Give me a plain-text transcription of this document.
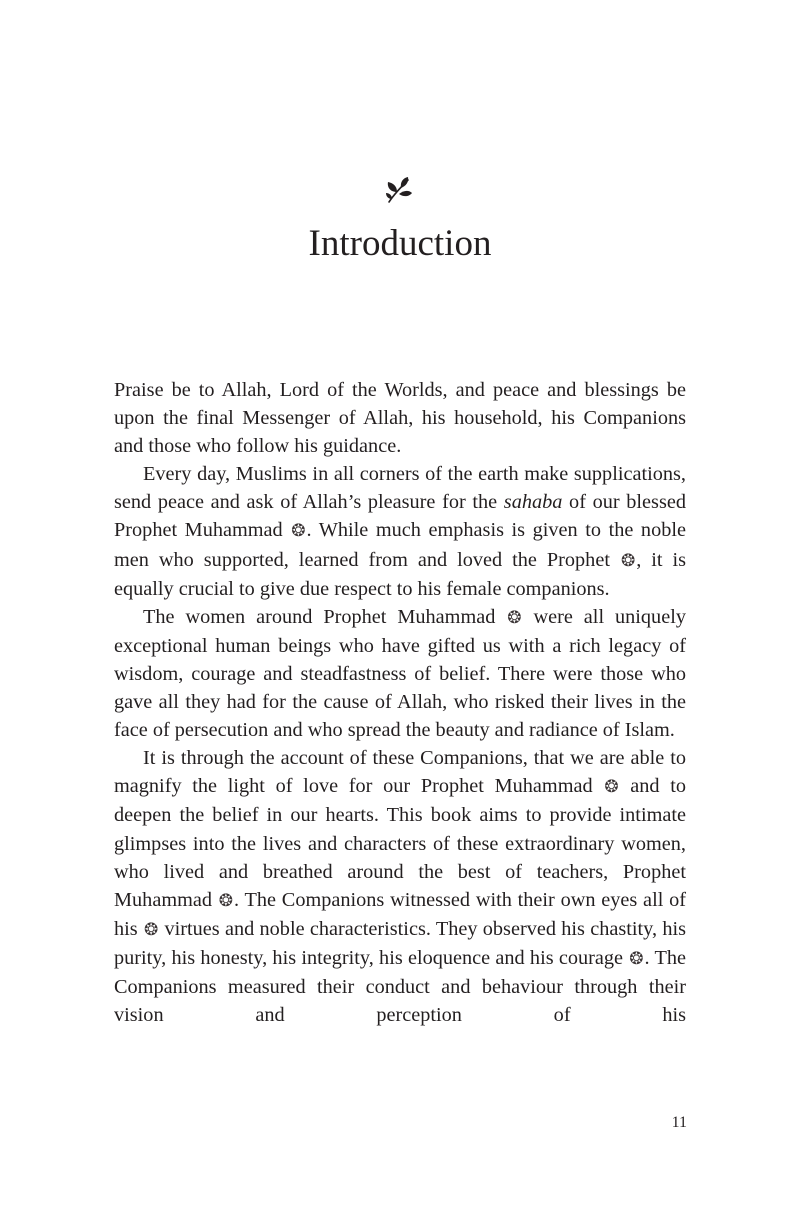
Introduction

Praise be to Allah, Lord of the Worlds, and peace and blessings be upon the final Messenger of Allah, his household, his Companions and those who follow his guidance.

Every day, Muslims in all corners of the earth make supplications, send peace and ask of Allah’s pleasure for the sahaba of our blessed Prophet Muhammad ❂. While much emphasis is given to the noble men who supported, learned from and loved the Prophet ❂, it is equally crucial to give due respect to his female companions.

The women around Prophet Muhammad ❂ were all uniquely exceptional human beings who have gifted us with a rich legacy of wisdom, courage and steadfastness of belief. There were those who gave all they had for the cause of Allah, who risked their lives in the face of persecution and who spread the beauty and radiance of Islam.

It is through the account of these Companions, that we are able to magnify the light of love for our Prophet Muhammad ❂ and to deepen the belief in our hearts. This book aims to provide intimate glimpses into the lives and characters of these extraordinary women, who lived and breathed around the best of teachers, Prophet Muhammad ❂. The Companions witnessed with their own eyes all of his ❂ virtues and noble characteristics. They observed his chastity, his purity, his honesty, his integrity, his eloquence and his courage ❂. The Companions measured their conduct and behaviour through their vision and perception of his

11
